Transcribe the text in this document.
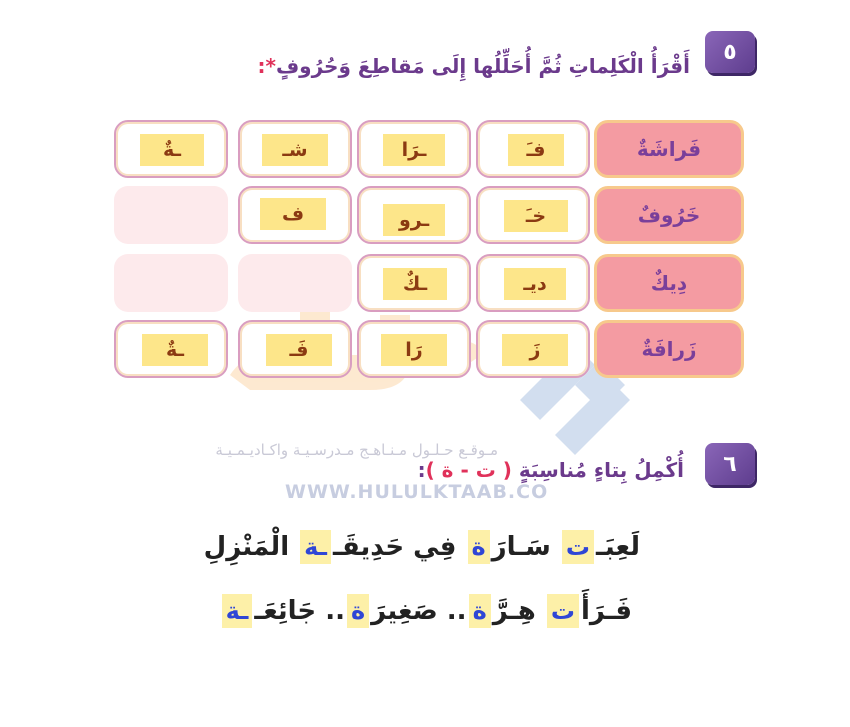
٥
أَقْرَأُ الْكَلِماتِ ثُمَّ أُحَلِّلُها إِلَى مَقاطِعَ وَحُرُوفٍ*:
مـوقـع حـلـول مـنـاهـج مـدرسـيـة واكـاديـمـيـة
WWW.HULULKTAAB.CO
فَراشَةٌ
فـَ
ـرَا
شـ
ـةٌ
خَرُوفٌ
خـَ
ـرو
ف
دِيكٌ
ديـ
ـكٌ
زَرافَةٌ
زَ
رَا
فَـ
ـةٌ
٦
أُكْمِلُ بِتاءٍ مُناسِبَةٍ ( ت - ة ):
لَعِبَـت سَـارَة فِي حَدِيقَــة الْمَنْزِلِ
فَـرَأَت هِـرَّة.. صَغِيرَة.. جَائِعَــة
